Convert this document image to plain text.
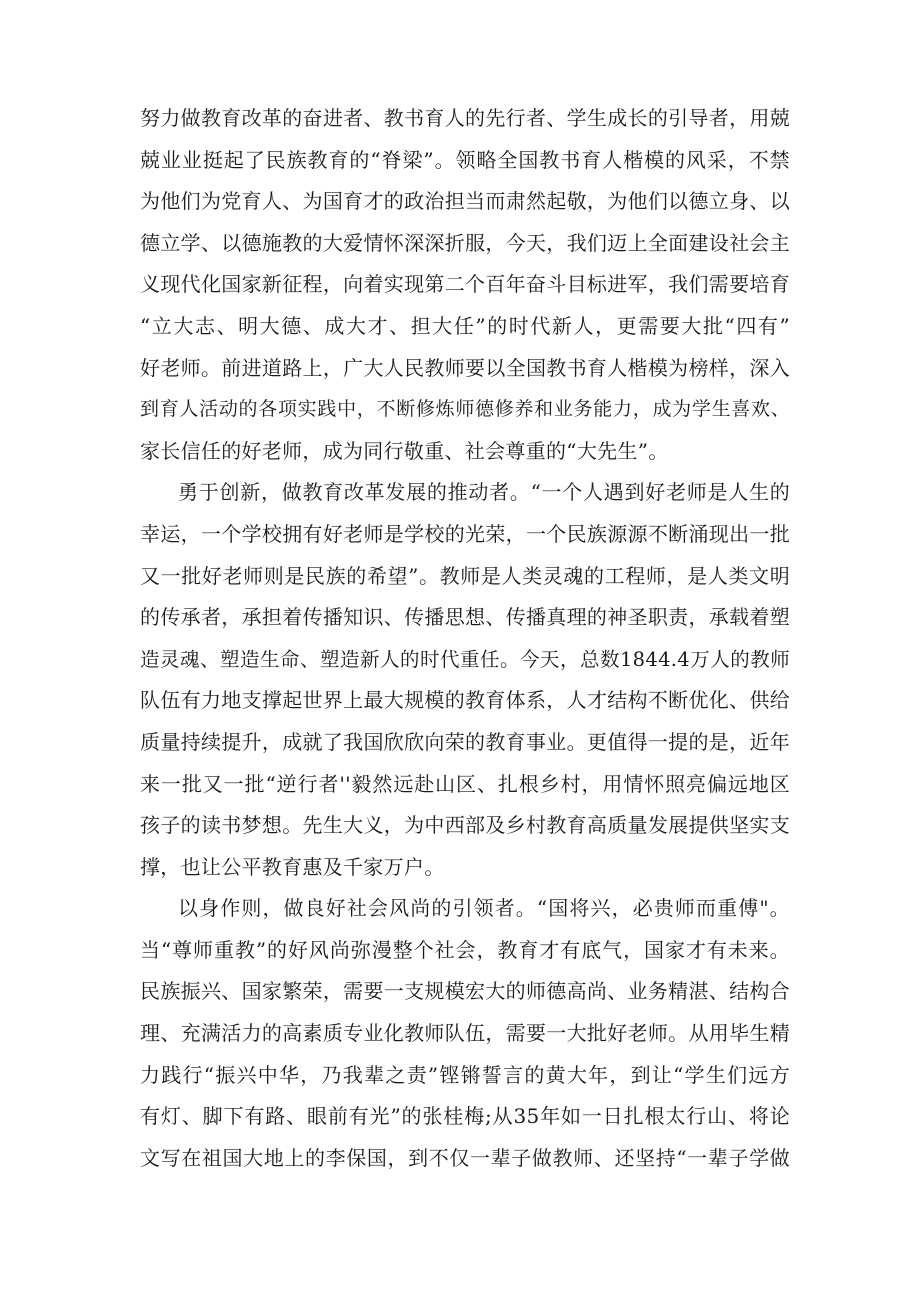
努力做教育改革的奋进者、教书育人的先行者、学生成长的引导者，用兢
兢业业挺起了民族教育的“脊梁”。领略全国教书育人楷模的风采，不禁
为他们为党育人、为国育才的政治担当而肃然起敬，为他们以德立身、以
德立学、以德施教的大爱情怀深深折服，今天，我们迈上全面建设社会主
义现代化国家新征程，向着实现第二个百年奋斗目标进军，我们需要培育
“立大志、明大德、成大才、担大任”的时代新人，更需要大批“四有”
好老师。前进道路上，广大人民教师要以全国教书育人楷模为榜样，深入
到育人活动的各项实践中，不断修炼师德修养和业务能力，成为学生喜欢、
家长信任的好老师，成为同行敬重、社会尊重的“大先生”。
勇于创新，做教育改革发展的推动者。“一个人遇到好老师是人生的
幸运，一个学校拥有好老师是学校的光荣，一个民族源源不断涌现出一批
又一批好老师则是民族的希望”。教师是人类灵魂的工程师，是人类文明
的传承者，承担着传播知识、传播思想、传播真理的神圣职责，承载着塑
造灵魂、塑造生命、塑造新人的时代重任。今天，总数1844.4万人的教师
队伍有力地支撑起世界上最大规模的教育体系，人才结构不断优化、供给
质量持续提升，成就了我国欣欣向荣的教育事业。更值得一提的是，近年
来一批又一批“逆行者''毅然远赴山区、扎根乡村，用情怀照亮偏远地区
孩子的读书梦想。先生大义，为中西部及乡村教育高质量发展提供坚实支
撑，也让公平教育惠及千家万户。
以身作则，做良好社会风尚的引领者。“国将兴，必贵师而重傅"。
当“尊师重教”的好风尚弥漫整个社会，教育才有底气，国家才有未来。
民族振兴、国家繁荣，需要一支规模宏大的师德高尚、业务精湛、结构合
理、充满活力的高素质专业化教师队伍，需要一大批好老师。从用毕生精
力践行“振兴中华，乃我辈之责”铿锵誓言的黄大年，到让“学生们远方
有灯、脚下有路、眼前有光”的张桂梅;从35年如一日扎根太行山、将论
文写在祖国大地上的李保国，到不仅一辈子做教师、还坚持“一辈子学做
